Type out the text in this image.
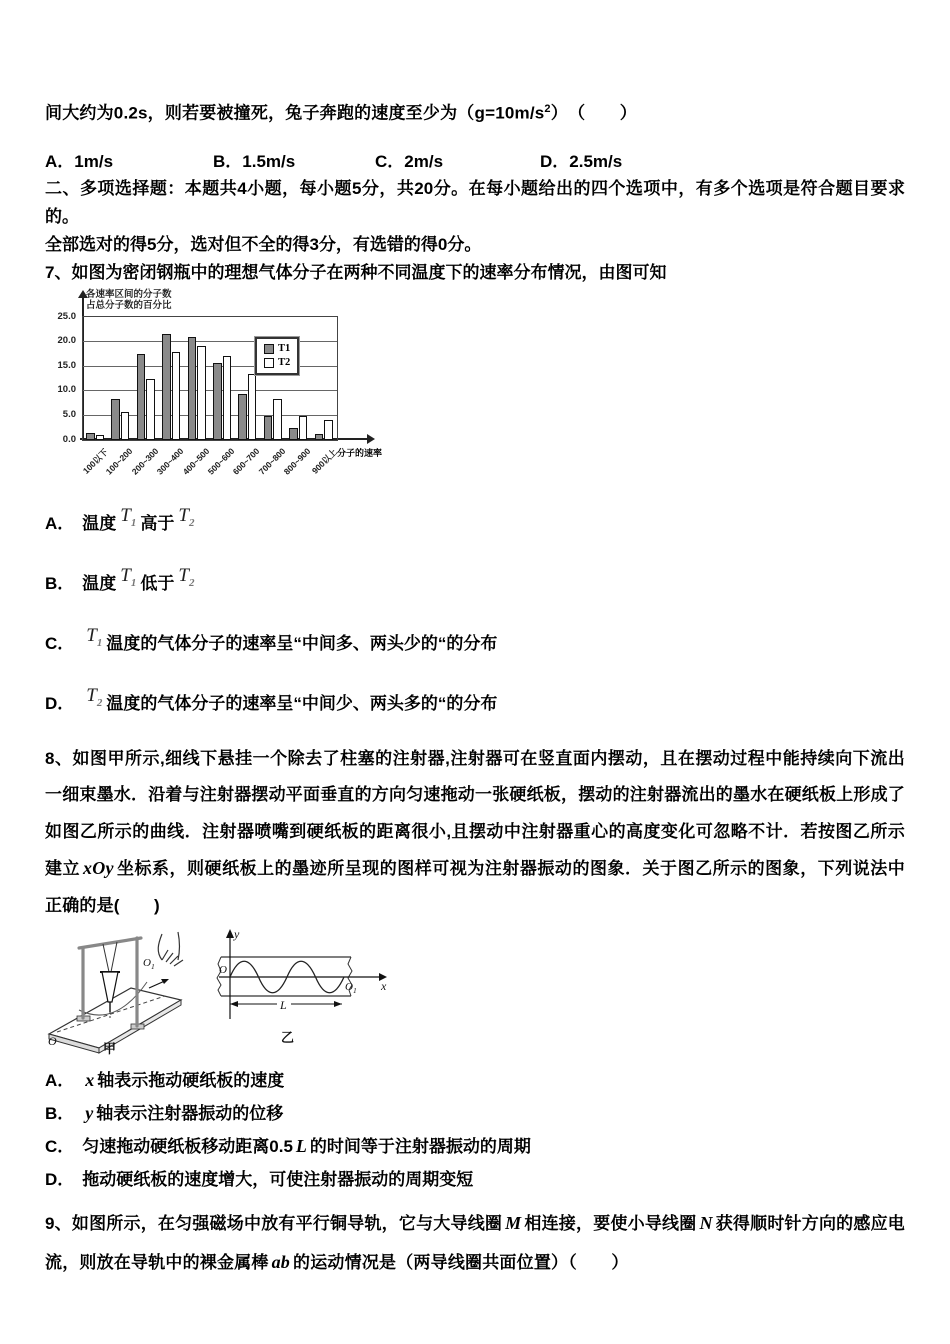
间大约为0.2s，则若要被撞死，兔子奔跑的速度至少为$(g=10m/s^2)$　（　　）
A．1m/s	B．1.5m/s	C．2m/s	D．2.5m/s
二、多项选择题：本题共4小题，每小题5分，共20分。在每小题给出的四个选项中，有多个选项是符合题目要求的。
全部选对的得5分，选对但不全的得3分，有选错的得0分。
7、如图为密闭钢瓶中的理想气体分子在两种不同温度下的速率分布情况，由图可知
各速率区间的分子数
占总分子数的百分比
25.0
20.0
15.0
10.0
5.0
0.0
100以下
100~200
200~300
300~400
400~500
500~600
600~700
700~800
800~900
900以上
T1
T2
分子的速率
A． 温度 T1 高于 T2
B． 温度 T1 低于 T2
C． T1 温度的气体分子的速率呈“中间多、两头少的“的分布
D． T2 温度的气体分子的速率呈“中间少、两头多的“的分布
8、如图甲所示,细线下悬挂一个除去了柱塞的注射器,注射器可在竖直面内摆动，且在摆动过程中能持续向下流出一细束墨水．沿着与注射器摆动平面垂直的方向匀速拖动一张硬纸板，摆动的注射器流出的墨水在硬纸板上形成了如图乙所示的曲线．注射器喷嘴到硬纸板的距离很小,且摆动中注射器重心的高度变化可忽略不计．若按图乙所示建立 xOy 坐标系，则硬纸板上的墨迹所呈现的图样可视为注射器振动的图象．关于图乙所示的图象，下列说法中正确的是(　　)
$O_1$
O	甲
L
y
O
$O_1$ x
乙
A． x 轴表示拖动硬纸板的速度
B． y 轴表示注射器振动的位移
C． 匀速拖动硬纸板移动距离0.5 L 的时间等于注射器振动的周期
D． 拖动硬纸板的速度增大，可使注射器振动的周期变短
9、如图所示，在匀强磁场中放有平行铜导轨，它与大导线圈 M 相连接，要使小导线圈 N 获得顺时针方向的感应电流，则放在导轨中的裸金属棒 ab 的运动情况是（两导线圈共面位置）（　　）
